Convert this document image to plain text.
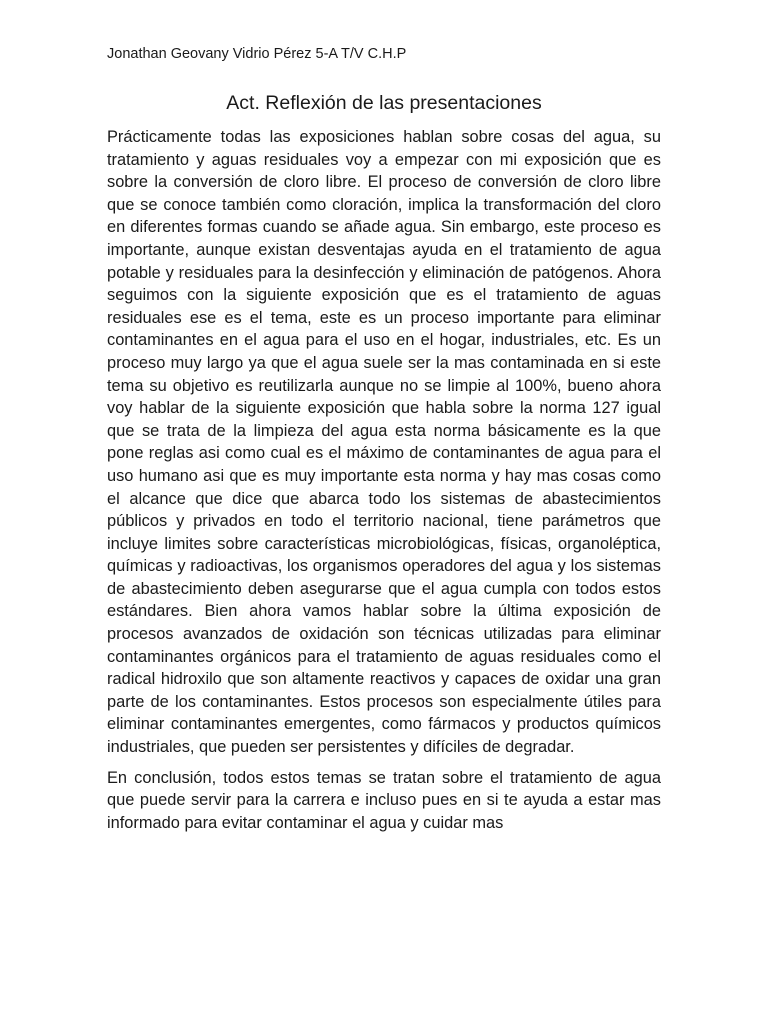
Jonathan Geovany Vidrio Pérez 5-A T/V C.H.P
Act. Reflexión de las presentaciones

Prácticamente todas las exposiciones hablan sobre cosas del agua, su tratamiento y aguas residuales voy a empezar con mi exposición que es sobre la conversión de cloro libre. El proceso de conversión de cloro libre que se conoce también como cloración, implica la transformación del cloro en diferentes formas cuando se añade agua. Sin embargo, este proceso es importante, aunque existan desventajas ayuda en el tratamiento de agua potable y residuales para la desinfección y eliminación de patógenos. Ahora seguimos con la siguiente exposición que es el tratamiento de aguas residuales ese es el tema, este es un proceso importante para eliminar contaminantes en el agua para el uso en el hogar, industriales, etc. Es un proceso muy largo ya que el agua suele ser la mas contaminada en si este tema su objetivo es reutilizarla aunque no se limpie al 100%, bueno ahora voy hablar de la siguiente exposición que habla sobre la norma 127 igual que se trata de la limpieza del agua esta norma básicamente es la que pone reglas asi como cual es el máximo de contaminantes de agua para el uso humano asi que es muy importante esta norma y hay mas cosas como el alcance que dice que abarca todo los sistemas de abastecimientos públicos y privados en todo el territorio nacional, tiene parámetros que incluye limites sobre características microbiológicas, físicas, organoléptica, químicas y radioactivas, los organismos operadores del agua y los sistemas de abastecimiento deben asegurarse que el agua cumpla con todos estos estándares. Bien ahora vamos hablar sobre la última exposición de procesos avanzados de oxidación son técnicas utilizadas para eliminar contaminantes orgánicos para el tratamiento de aguas residuales como el radical hidroxilo que son altamente reactivos y capaces de oxidar una gran parte de los contaminantes. Estos procesos son especialmente útiles para eliminar contaminantes emergentes, como fármacos y productos químicos industriales, que pueden ser persistentes y difíciles de degradar.

En conclusión, todos estos temas se tratan sobre el tratamiento de agua que puede servir para la carrera e incluso pues en si te ayuda a estar mas informado para evitar contaminar el agua y cuidar mas
